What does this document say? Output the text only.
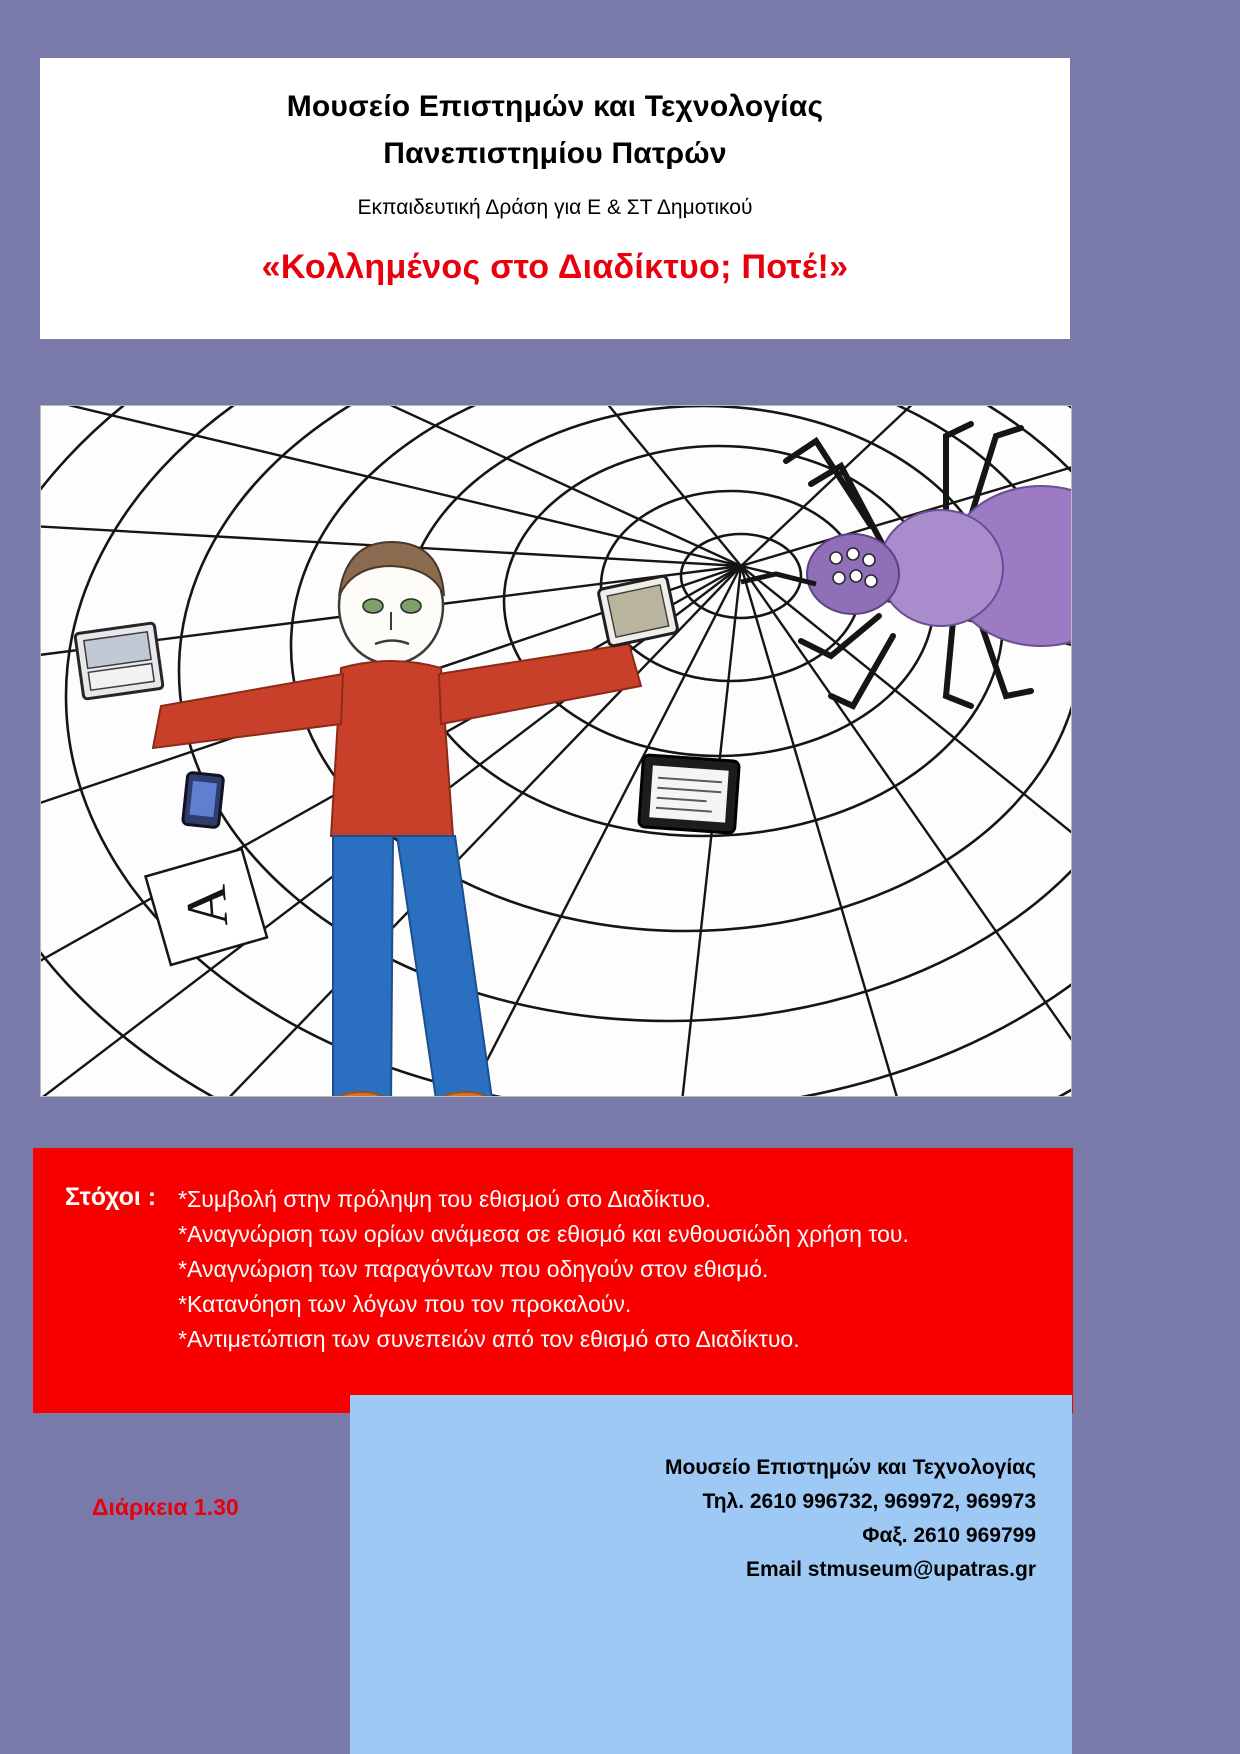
Μουσείο Επιστημών και Τεχνολογίας
Πανεπιστημίου Πατρών
Εκπαιδευτική Δράση για Ε & ΣΤ Δημοτικού
«Κολλημένος στο Διαδίκτυο; Ποτέ!»
A
Στόχοι : *Συμβολή στην πρόληψη του εθισμού στο Διαδίκτυο.
*Αναγνώριση των ορίων ανάμεσα σε εθισμό και ενθουσιώδη χρήση του.
*Αναγνώριση των παραγόντων που οδηγούν στον εθισμό.
*Κατανόηση των λόγων που τον προκαλούν.
*Αντιμετώπιση των συνεπειών από τον εθισμό στο Διαδίκτυο.
Μουσείο Επιστημών και Τεχνολογίας
Τηλ. 2610 996732, 969972, 969973
Φαξ. 2610 969799
Email stmuseum@upatras.gr
Διάρκεια 1.30
